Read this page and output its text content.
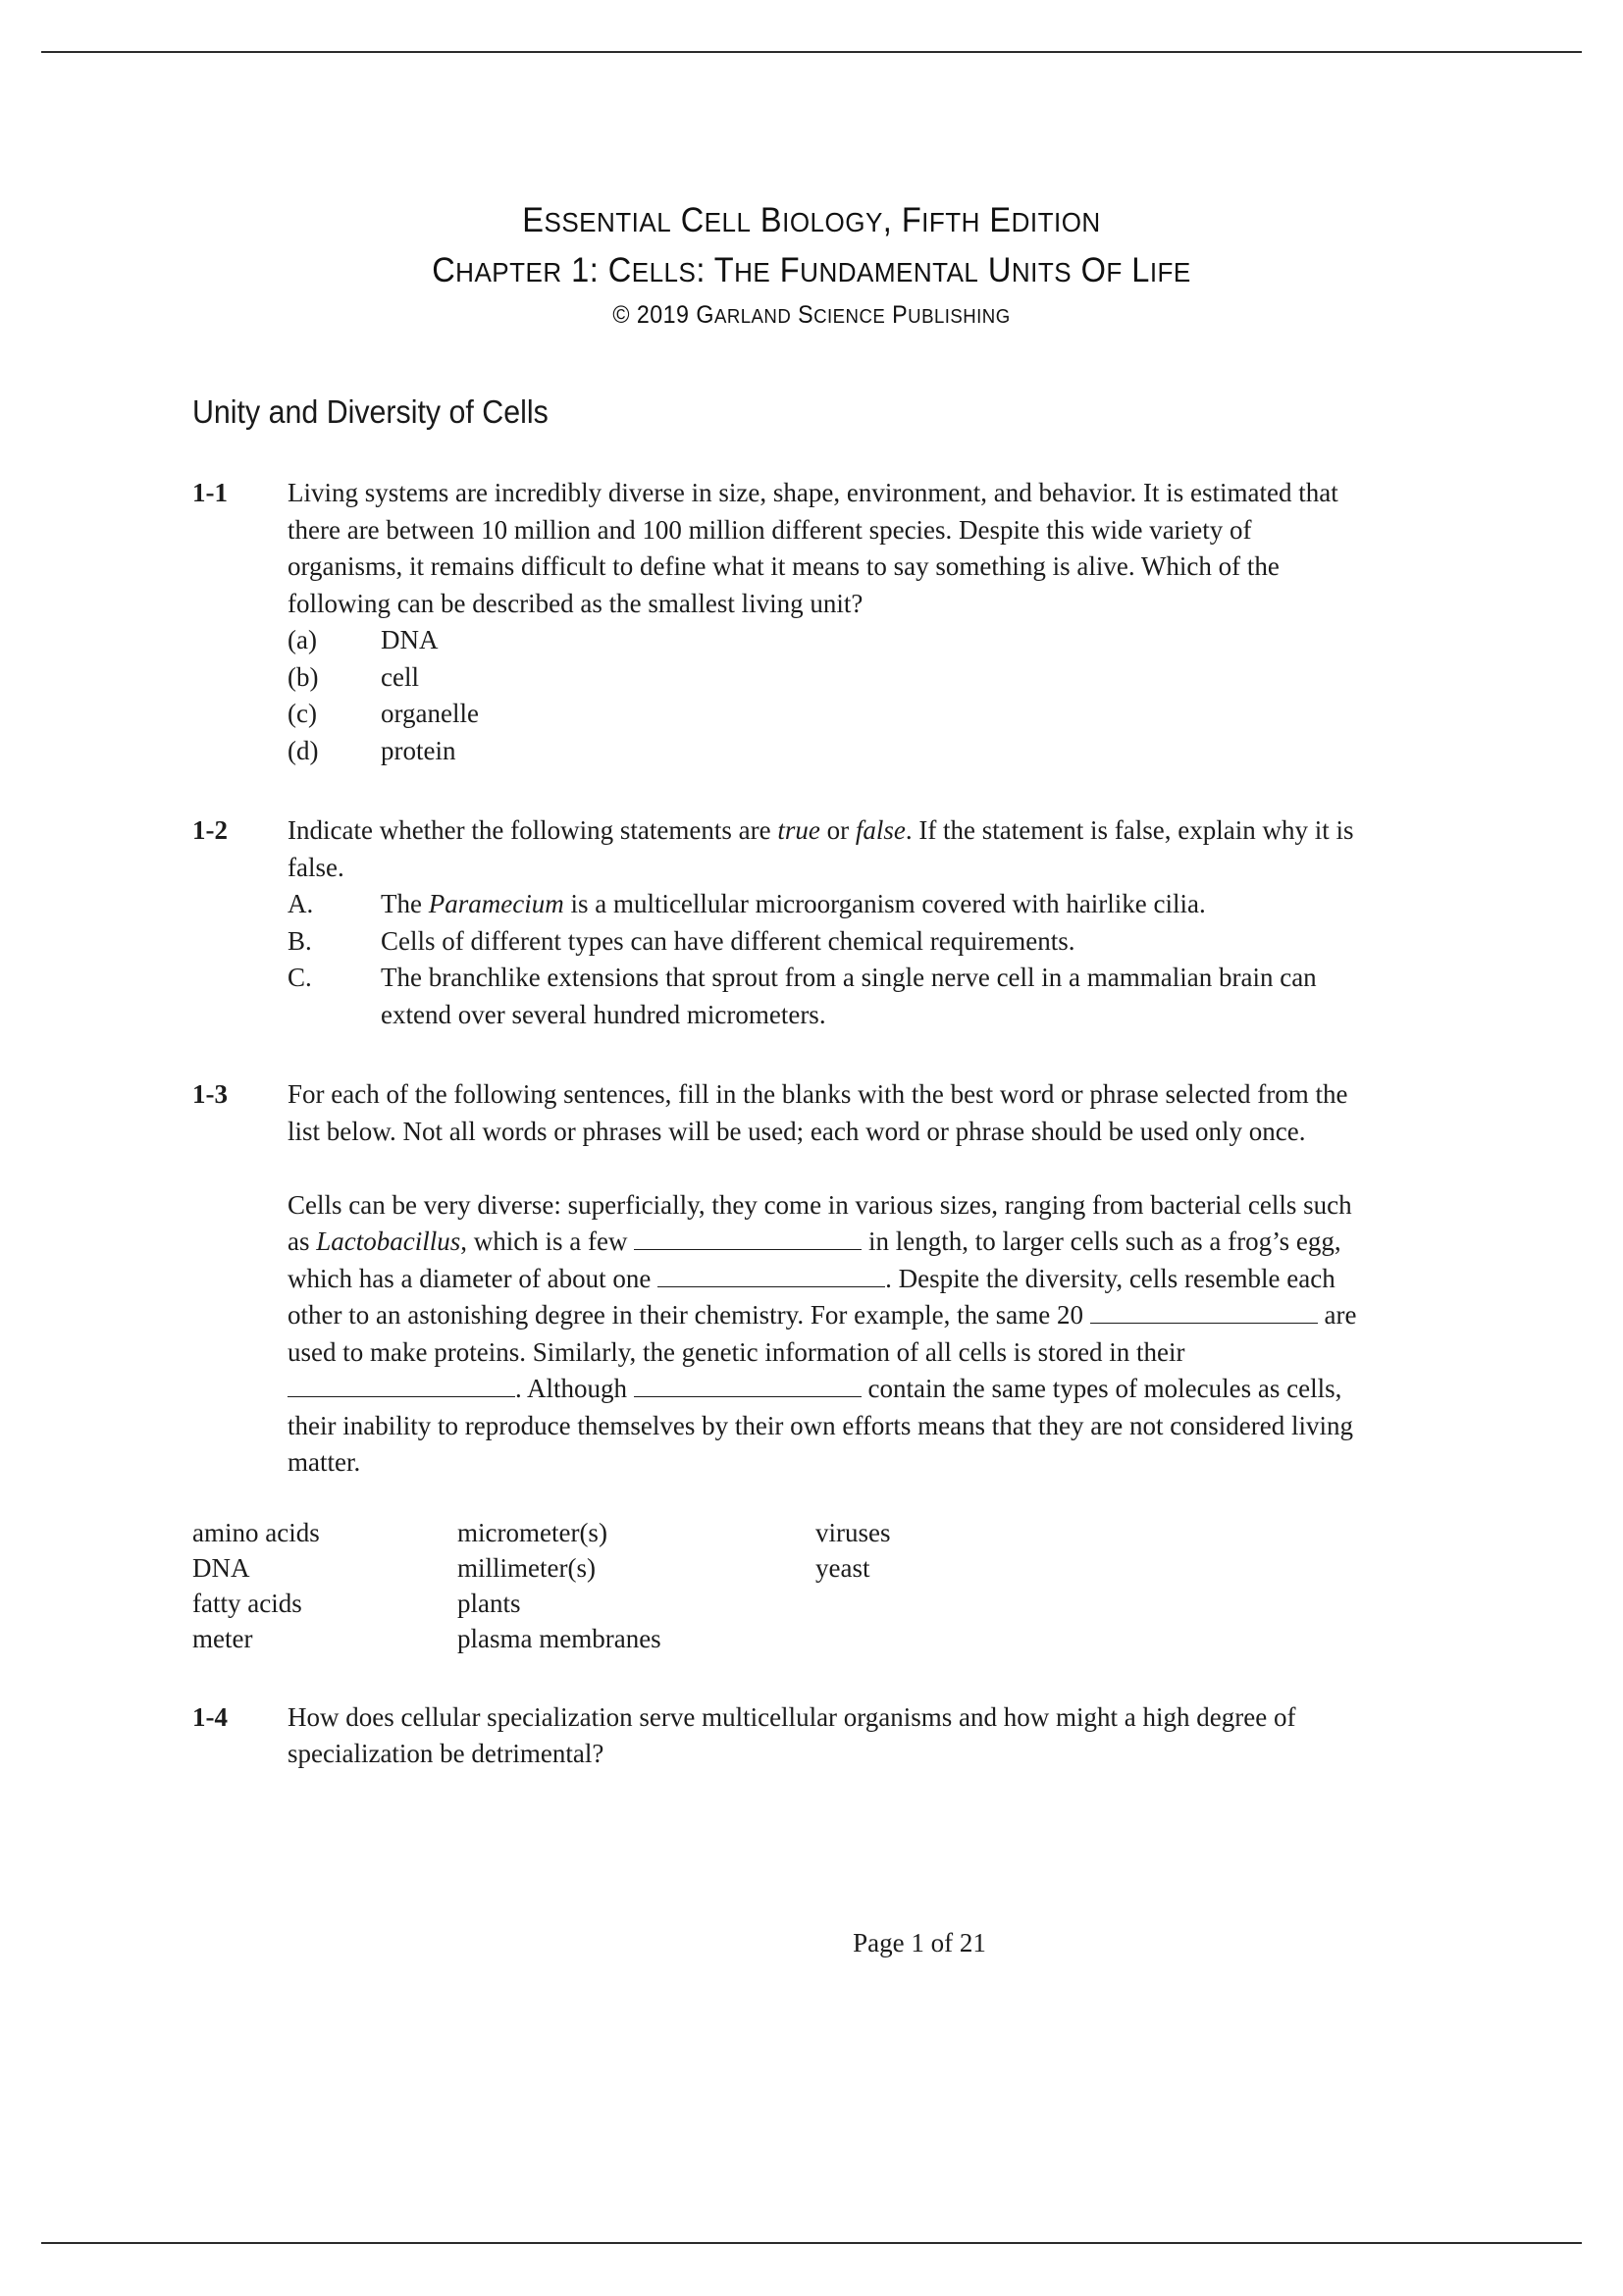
ESSENTIAL CELL BIOLOGY, FIFTH EDITION
CHAPTER 1: CELLS: THE FUNDAMENTAL UNITS OF LIFE
© 2019 GARLAND SCIENCE PUBLISHING
Unity and Diversity of Cells
1-1	Living systems are incredibly diverse in size, shape, environment, and behavior. It is estimated that there are between 10 million and 100 million different species. Despite this wide variety of organisms, it remains difficult to define what it means to say something is alive. Which of the following can be described as the smallest living unit?

(a)	DNA
(b)	cell
(c)	organelle
(d)	protein
1-2	Indicate whether the following statements are true or false. If the statement is false, explain why it is false.

A.	The Paramecium is a multicellular microorganism covered with hairlike cilia.
B.	Cells of different types can have different chemical requirements.
C.	The branchlike extensions that sprout from a single nerve cell in a mammalian brain can extend over several hundred micrometers.
1-3	For each of the following sentences, fill in the blanks with the best word or phrase selected from the list below. Not all words or phrases will be used; each word or phrase should be used only once.

Cells can be very diverse: superficially, they come in various sizes, ranging from bacterial cells such as Lactobacillus, which is a few	in length, to larger cells such as a frog’s egg, which has a diameter of about one	. Despite the diversity, cells resemble each other to an astonishing degree in their chemistry. For example, the same 20	are used to make proteins. Similarly, the genetic information of all cells is stored in their . Although	contain the same types of molecules as cells, their inability to reproduce themselves by their own efforts means that they are not considered living matter.

amino acids	micrometer(s)	viruses
DNA	millimeter(s)	yeast
fatty acids	plants
meter	plasma membranes
1-4	How does cellular specialization serve multicellular organisms and how might a high degree of specialization be detrimental?

Page 1 of 21
